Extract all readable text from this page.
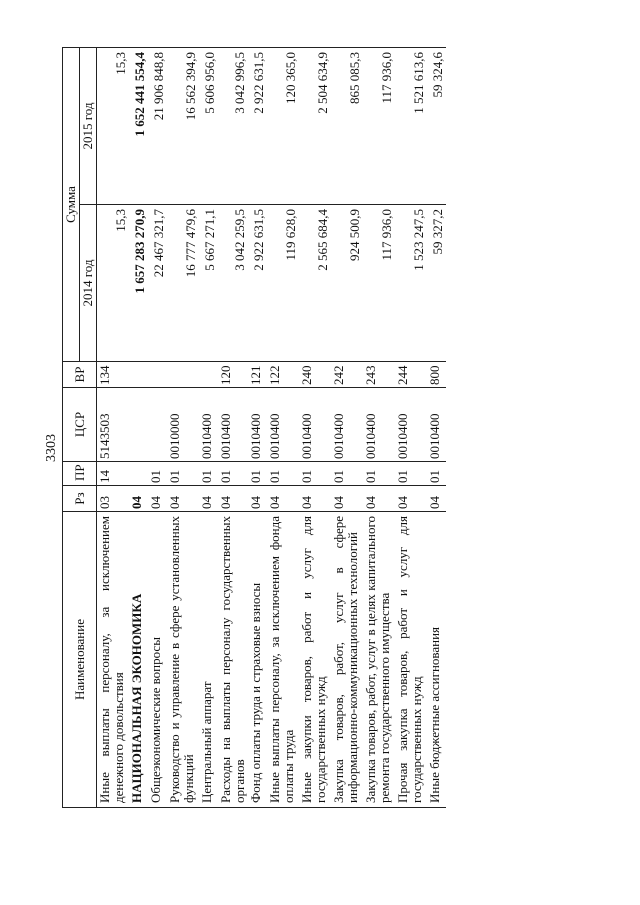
3303
Наименование	Рз	ПР	ЦСР	ВР	Сумма	
					2014 год	2015 год
Иные выплаты персоналу, за исключением денежного довольствия	03	14	5143503	134	15,3	15,3
НАЦИОНАЛЬНАЯ ЭКОНОМИКА	04				1 657 283 270,9	1 652 441 554,4
Общеэкономические вопросы	04	01			22 467 321,7	21 906 848,8
Руководство и управление в сфере установленных функций	04	01	0010000		16 777 479,6	16 562 394,9
Центральный аппарат	04	01	0010400		5 667 271,1	5 606 956,0
Расходы на выплаты персоналу государственных органов	04	01	0010400	120	3 042 259,5	3 042 996,5
Фонд оплаты труда и страховые взносы	04	01	0010400	121	2 922 631,5	2 922 631,5
Иные выплаты персоналу, за исключением фонда оплаты труда	04	01	0010400	122	119 628,0	120 365,0
Иные закупки товаров, работ и услуг для государственных нужд	04	01	0010400	240	2 565 684,4	2 504 634,9
Закупка товаров, работ, услуг в сфере информационно-коммуникационных технологий	04	01	0010400	242	924 500,9	865 085,3
Закупка товаров, работ, услуг в целях капитального ремонта государственного имущества	04	01	0010400	243	117 936,0	117 936,0
Прочая закупка товаров, работ и услуг для государственных нужд	04	01	0010400	244	1 523 247,5	1 521 613,6
Иные бюджетные ассигнования	04	01	0010400	800	59 327,2	59 324,6
